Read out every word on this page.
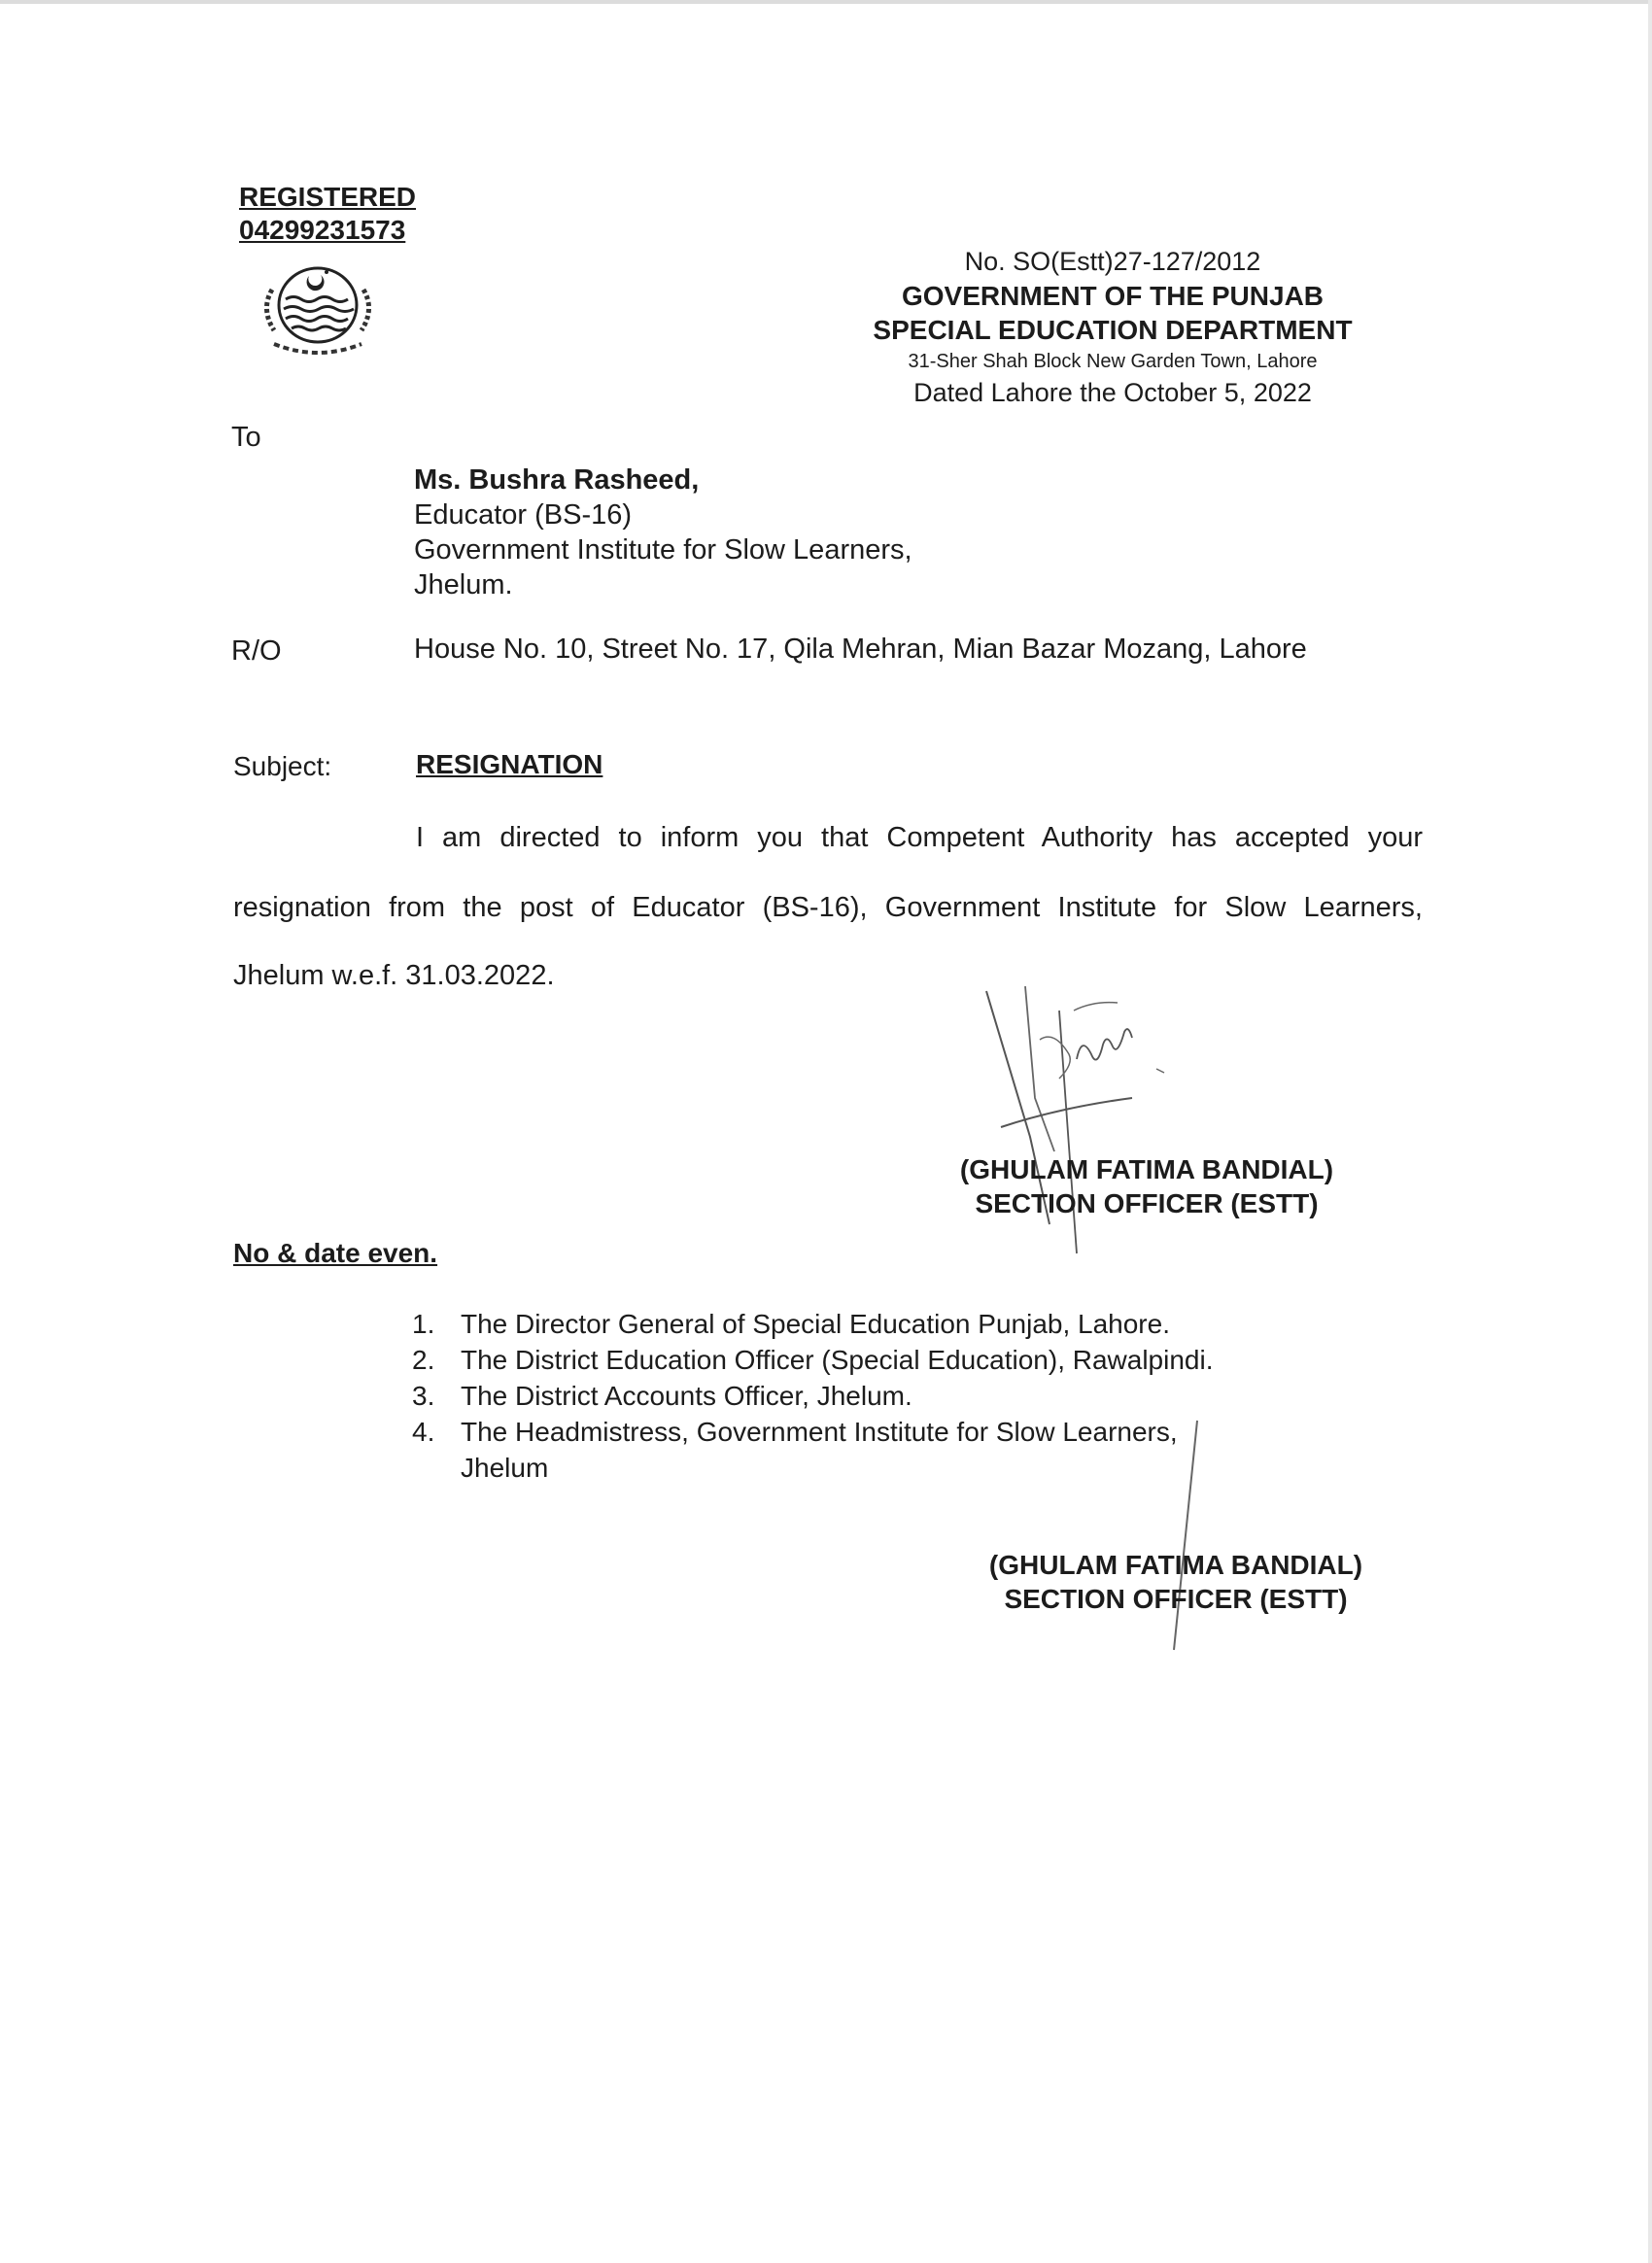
REGISTERED
04299231573
No. SO(Estt)27-127/2012
GOVERNMENT OF THE PUNJAB
SPECIAL EDUCATION DEPARTMENT
31-Sher Shah Block New Garden Town, Lahore
Dated Lahore the October 5, 2022
To
Ms. Bushra Rasheed,
Educator (BS-16)
Government Institute for Slow Learners,
Jhelum.
R/O	House No. 10, Street No. 17, Qila Mehran, Mian Bazar Mozang, Lahore
Subject:	RESIGNATION
I am directed to inform you that Competent Authority has accepted your
resignation from the post of Educator (BS-16), Government Institute for Slow Learners,
Jhelum w.e.f. 31.03.2022.
(GHULAM FATIMA BANDIAL)
SECTION OFFICER (ESTT)
No & date even.
1. The Director General of Special Education Punjab, Lahore.
2. The District Education Officer (Special Education), Rawalpindi.
3. The District Accounts Officer, Jhelum.
4. The Headmistress, Government Institute for Slow Learners,
Jhelum
(GHULAM FATIMA BANDIAL)
SECTION OFFICER (ESTT)
